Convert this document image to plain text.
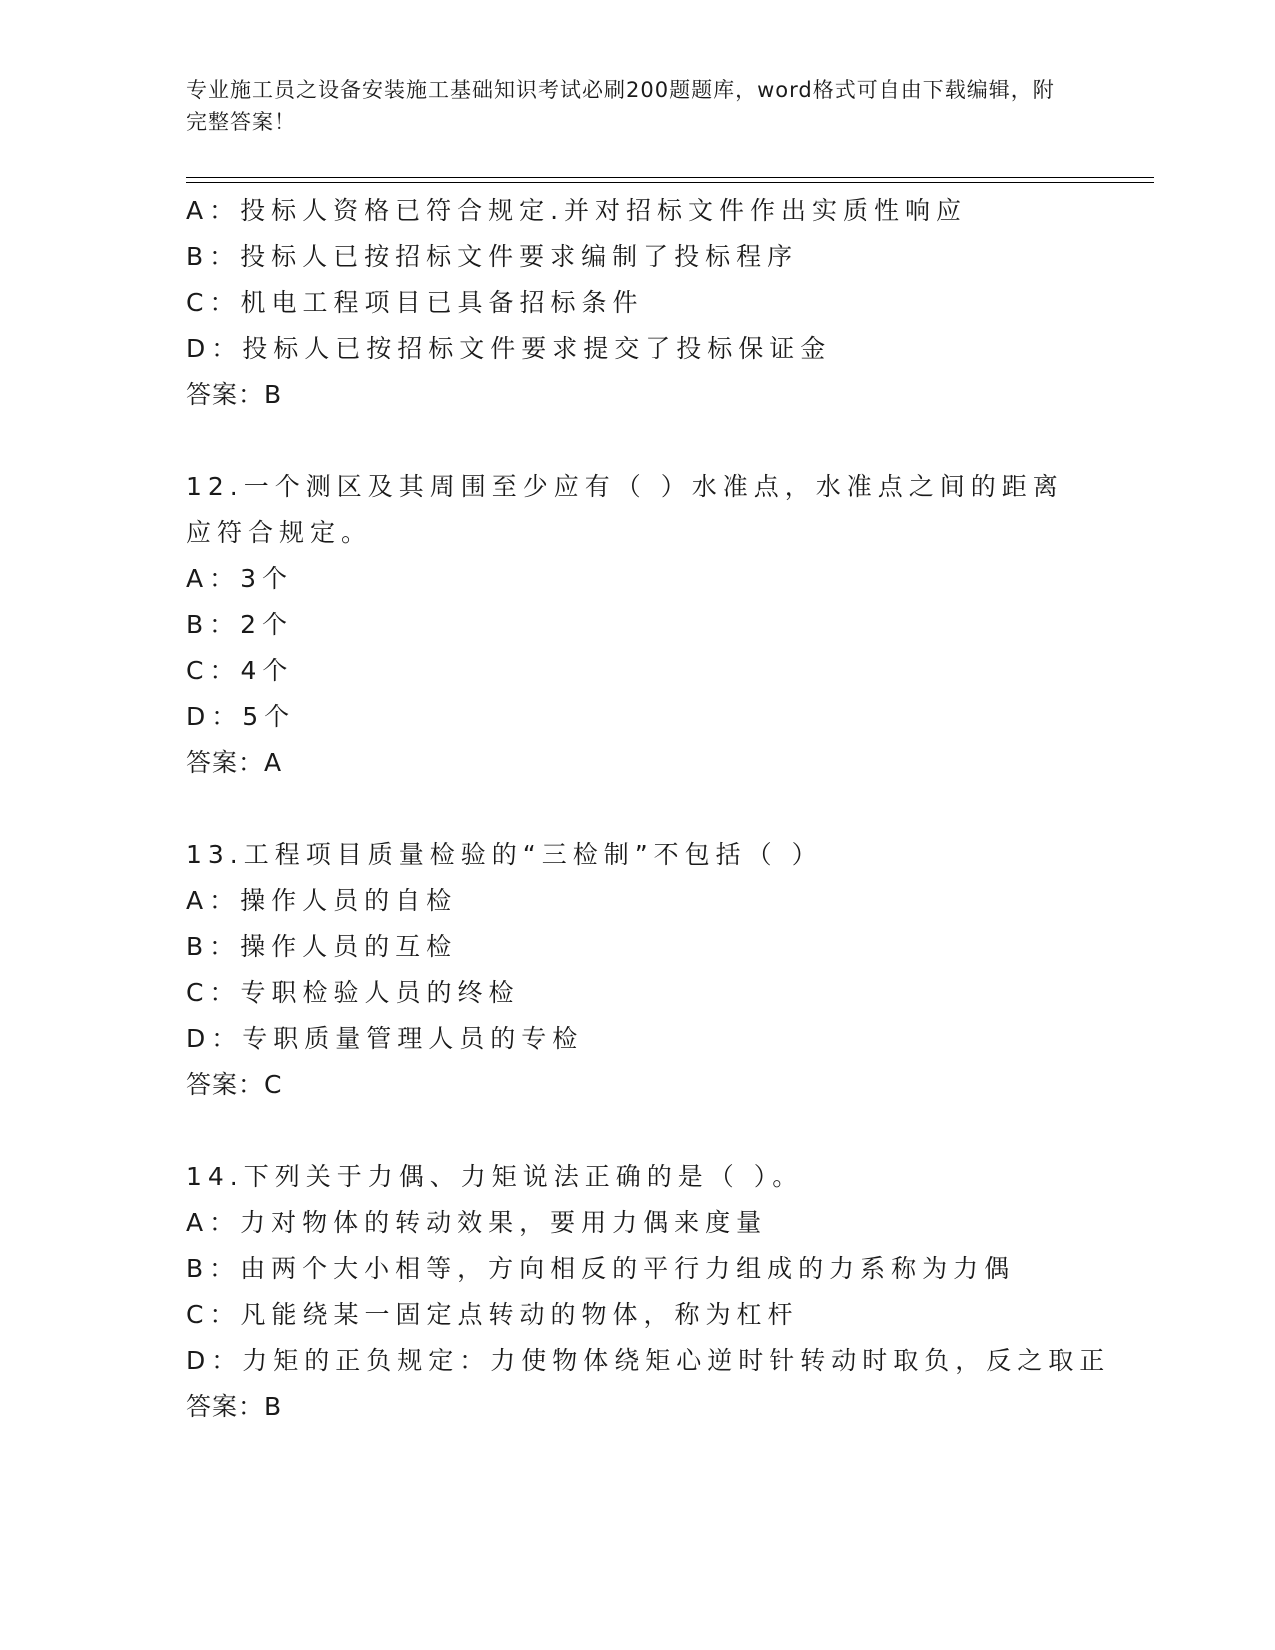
专业施工员之设备安装施工基础知识考试必刷200题题库，word格式可自由下载编辑，附完整答案！
A：投标人资格已符合规定.并对招标文件作出实质性响应
B：投标人已按招标文件要求编制了投标程序
C：机电工程项目已具备招标条件
D：投标人已按招标文件要求提交了投标保证金
答案：B
12.一个测区及其周围至少应有（ ）水准点，水准点之间的距离应符合规定。
A：3个
B：2个
C：4个
D：5个
答案：A
13.工程项目质量检验的“三检制”不包括（ ）
A：操作人员的自检
B：操作人员的互检
C：专职检验人员的终检
D：专职质量管理人员的专检
答案：C
14.下列关于力偶、力矩说法正确的是（ ）。
A：力对物体的转动效果，要用力偶来度量
B：由两个大小相等，方向相反的平行力组成的力系称为力偶
C：凡能绕某一固定点转动的物体，称为杠杆
D：力矩的正负规定：力使物体绕矩心逆时针转动时取负，反之取正
答案：B
